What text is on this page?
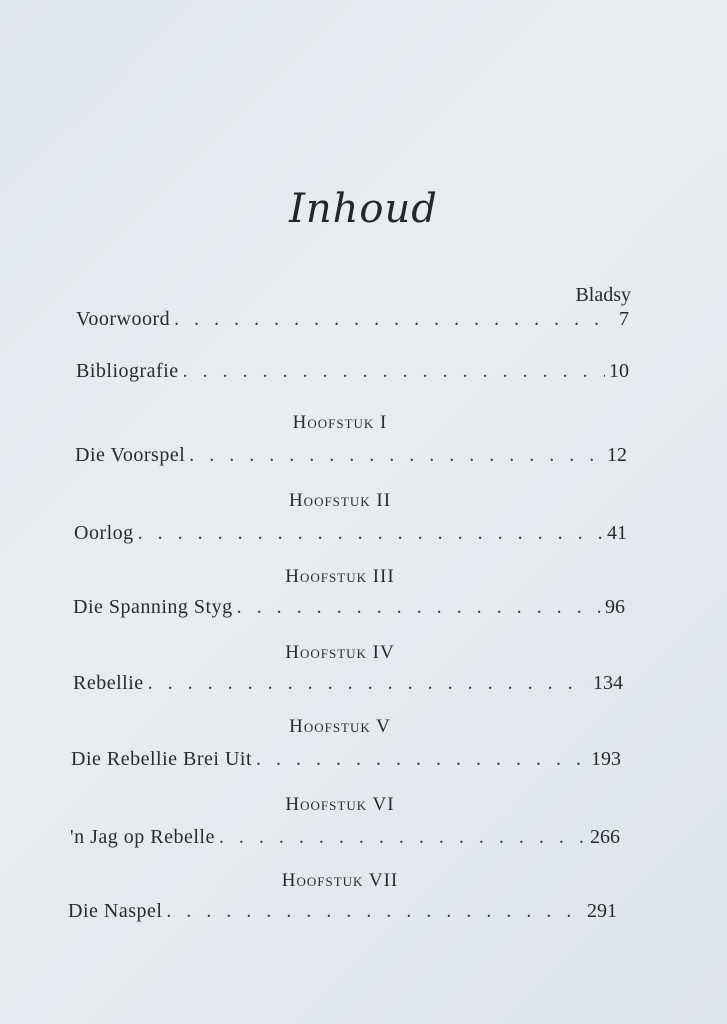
Inhoud
Bladsy
Voorwoord . . .	7
Bibliografie . . .	10
Hoofstuk I
Die Voorspel . . .	12
Hoofstuk II
Oorlog . . .	41
Hoofstuk III
Die Spanning Styg . . .	96
Hoofstuk IV
Rebellie . . .	134
Hoofstuk V
Die Rebellie Brei Uit . . .	193
Hoofstuk VI
'n Jag op Rebelle . . .	266
Hoofstuk VII
Die Naspel . . .	291
